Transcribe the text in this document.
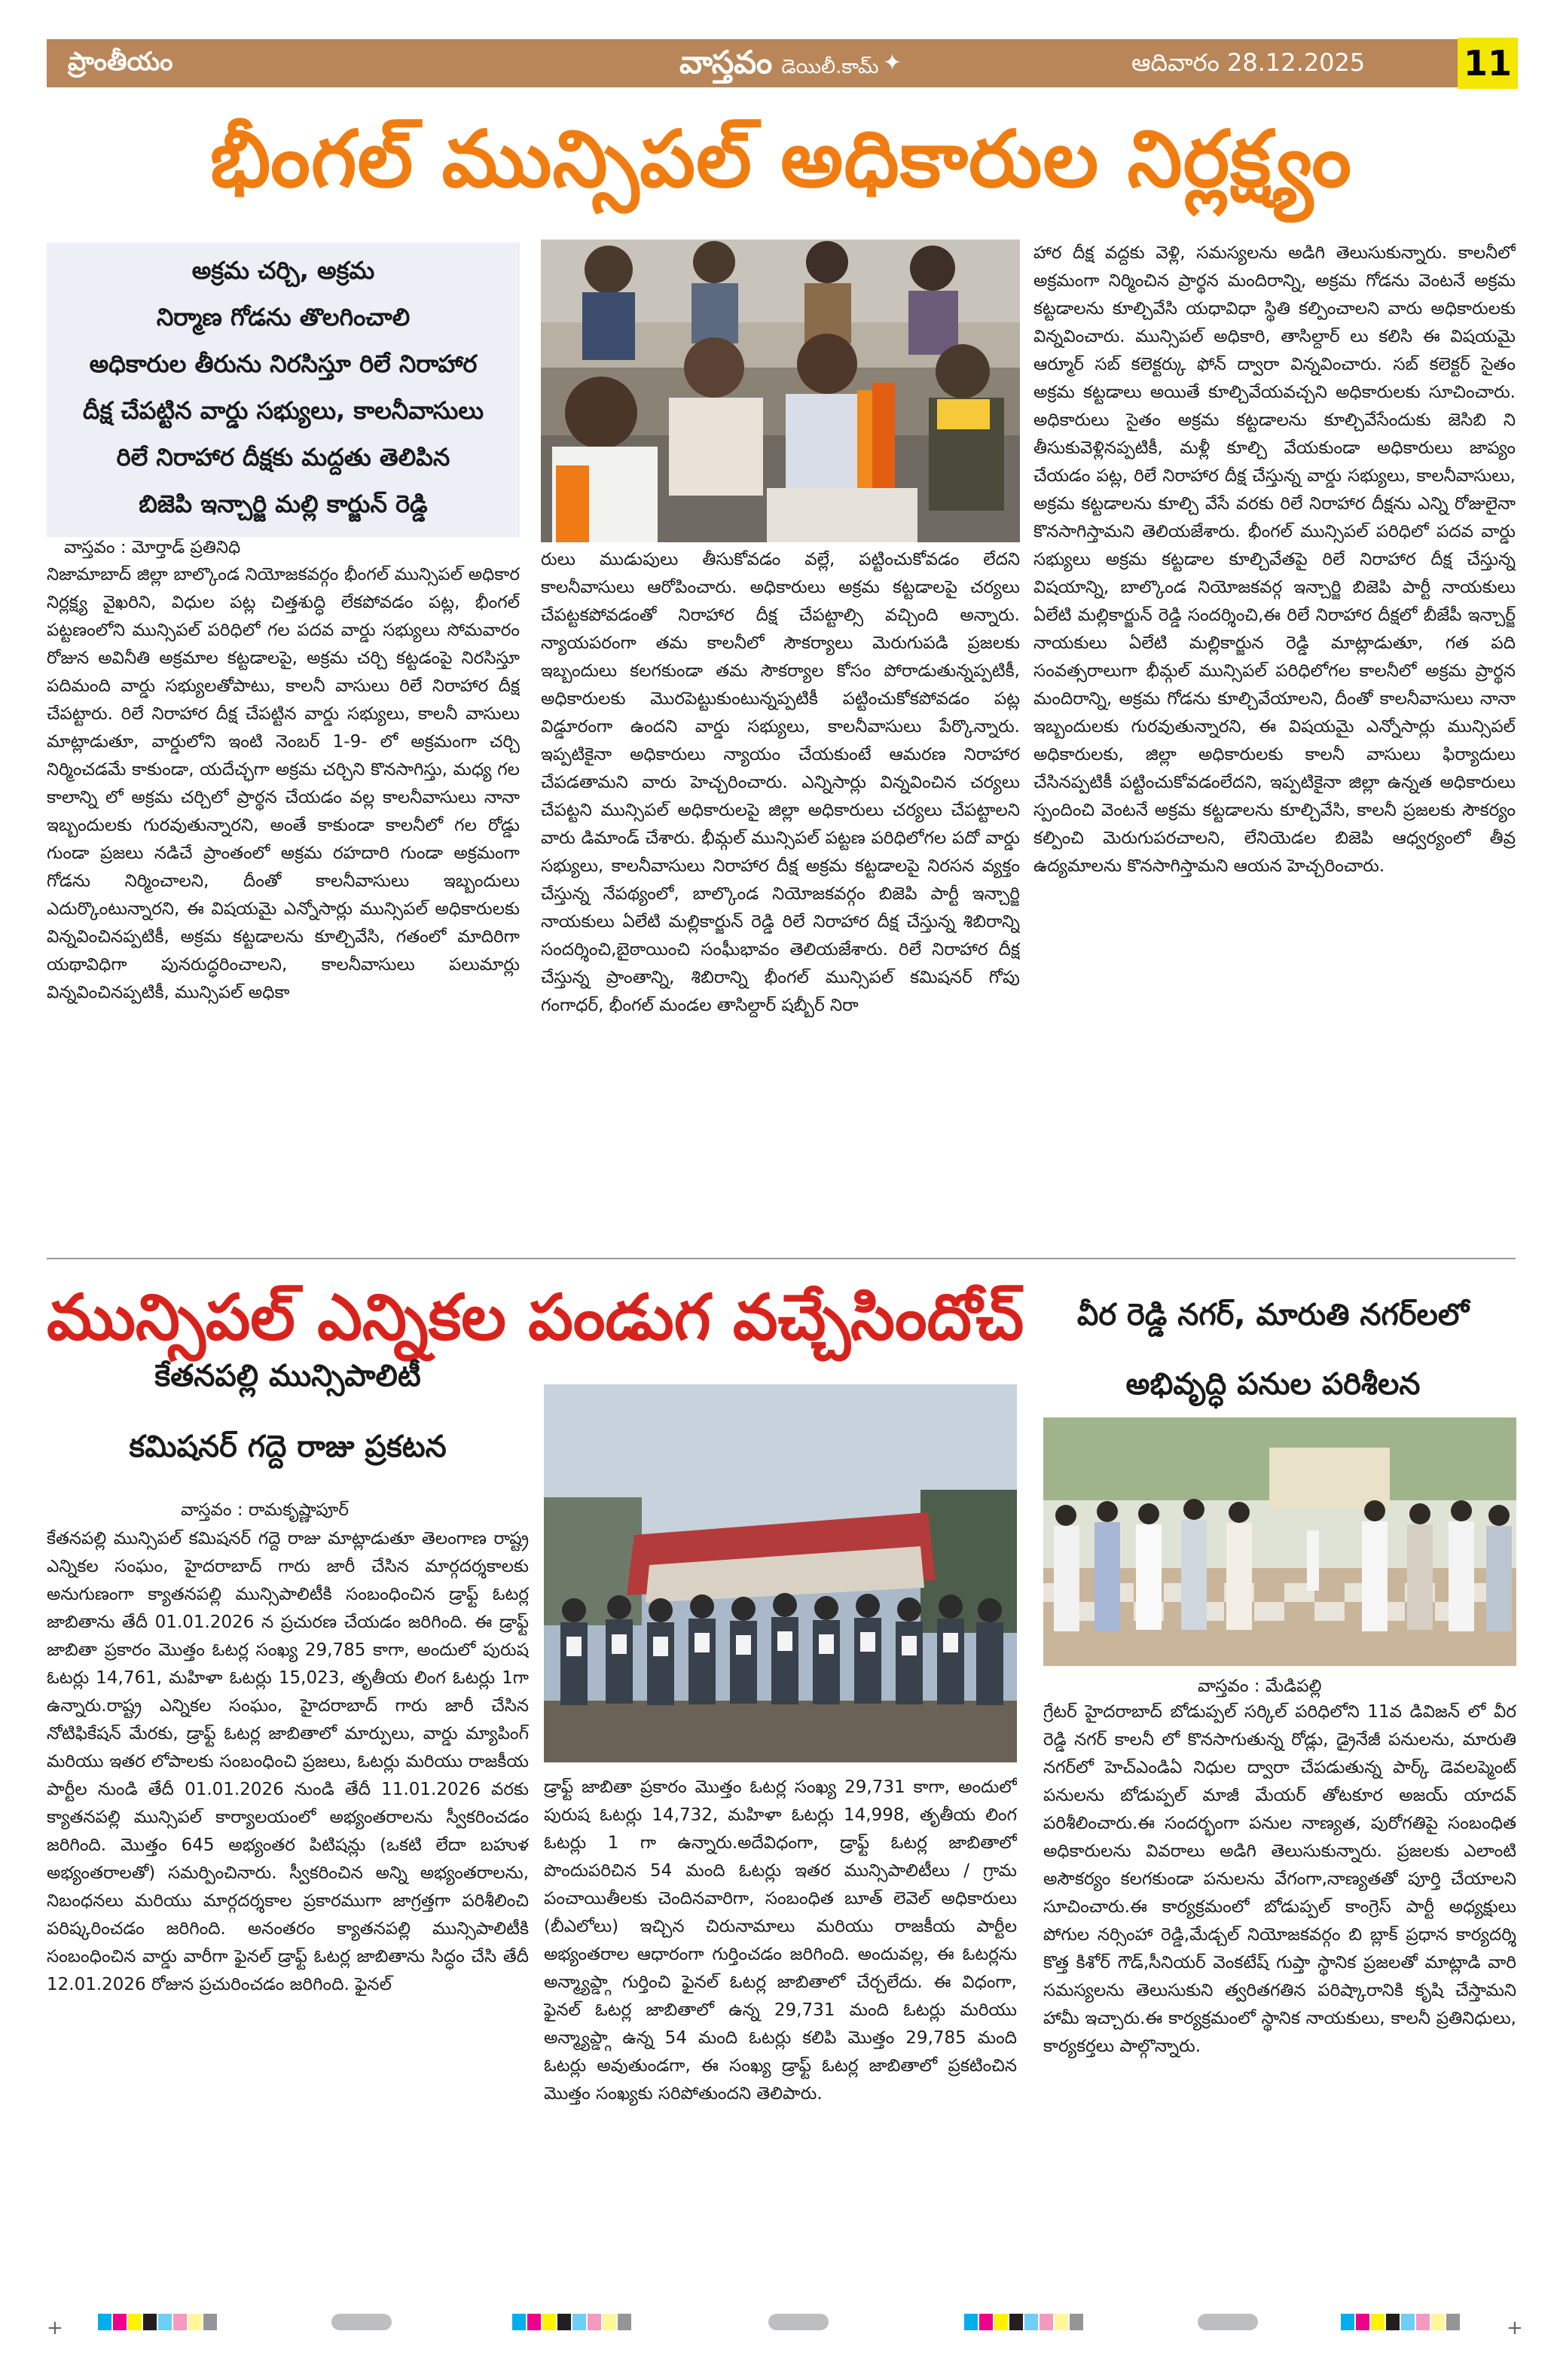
ప్రాంతీయం	వాస్తవం డెయిలీ.కామ్ ✦	ఆదివారం 28.12.2025	11
భీంగల్ మున్సిపల్ అధికారుల నిర్లక్ష్యం

అక్రమ చర్చి, అక్రమ

నిర్మాణ గోడను తొలగించాలి

అధికారుల తీరును నిరసిస్తూ రిలే నిరాహార

దీక్ష చేపట్టిన వార్డు సభ్యులు, కాలనీవాసులు

రిలే నిరాహార దీక్షకు మద్దతు తెలిపిన

బిజెపి ఇన్చార్జి మల్లి కార్జున్ రెడ్డి

వాస్తవం : మోర్తాడ్ ప్రతినిధి

నిజామాబాద్ జిల్లా బాల్కొండ నియోజకవర్గం భీంగల్ మున్సిపల్ అధికార నిర్లక్ష్య వైఖరిని, విధుల పట్ల చిత్తశుద్ధి లేకపోవడం పట్ల, భీంగల్ పట్టణంలోని మున్సిపల్ పరిధిలో గల పదవ వార్డు సభ్యులు సోమవారం రోజున అవినీతి అక్రమాల కట్టడాలపై, అక్రమ చర్చి కట్టడంపై నిరసిస్తూ పదిమంది వార్డు సభ్యులతోపాటు, కాలనీ వాసులు రిలే నిరాహార దీక్ష చేపట్టారు. రిలే నిరాహార దీక్ష చేపట్టిన వార్డు సభ్యులు, కాలనీ వాసులు మాట్లాడుతూ, వార్డులోని ఇంటి నెంబర్ 1-9- లో అక్రమంగా చర్చి నిర్మించడమే కాకుండా, యదేచ్ఛగా అక్రమ చర్చిని కొనసాగిస్తు, మధ్య గల కాలాన్ని లో అక్రమ చర్చిలో ప్రార్థన చేయడం వల్ల కాలనీవాసులు నానా ఇబ్బందులకు గురవుతున్నారని, అంతే కాకుండా కాలనీలో గల రోడ్డు గుండా ప్రజలు నడిచే ప్రాంతంలో అక్రమ రహదారి గుండా అక్రమంగా గోడను నిర్మించాలని, దీంతో కాలనీవాసులు ఇబ్బందులు ఎదుర్కొంటున్నారని, ఈ విషయమై ఎన్నోసార్లు మున్సిపల్ అధికారులకు విన్నవించినప్పటికీ, అక్రమ కట్టడాలను కూల్చివేసి, గతంలో మాదిరిగా యథావిధిగా పునరుద్ధరించాలని, కాలనీవాసులు పలుమార్లు విన్నవించినప్పటికీ, మున్సిపల్ అధికా

రులు ముడుపులు తీసుకోవడం వల్లే, పట్టించుకోవడం లేదని కాలనీవాసులు ఆరోపించారు. అధికారులు అక్రమ కట్టడాలపై చర్యలు చేపట్టకపోవడంతో నిరాహార దీక్ష చేపట్టాల్సి వచ్చింది అన్నారు. న్యాయపరంగా తమ కాలనీలో సౌకర్యాలు మెరుగుపడి ప్రజలకు ఇబ్బందులు కలగకుండా తమ సౌకర్యాల కోసం పోరాడుతున్నప్పటికీ, అధికారులకు మొరపెట్టుకుంటున్నప్పటికీ పట్టించుకోకపోవడం పట్ల విడ్డూరంగా ఉందని వార్డు సభ్యులు, కాలనీవాసులు పేర్కొన్నారు. ఇప్పటికైనా అధికారులు న్యాయం చేయకుంటే ఆమరణ నిరాహార చేపడతామని వారు హెచ్చరించారు. ఎన్నిసార్లు విన్నవించిన చర్యలు చేపట్టని మున్సిపల్ అధికారులపై జిల్లా అధికారులు చర్యలు చేపట్టాలని వారు డిమాండ్ చేశారు. భీమ్గల్ మున్సిపల్ పట్టణ పరిధిలోగల పదో వార్డు సభ్యులు, కాలనీవాసులు నిరాహార దీక్ష అక్రమ కట్టడాలపై నిరసన వ్యక్తం చేస్తున్న నేపథ్యంలో, బాల్కొండ నియోజకవర్గం బిజెపి పార్టీ ఇన్చార్జి నాయకులు ఏలేటి మల్లికార్జున్ రెడ్డి రిలే నిరాహార దీక్ష చేస్తున్న శిబిరాన్ని సందర్శించి,బైఠాయించి సంఘీభావం తెలియజేశారు. రిలే నిరాహార దీక్ష చేస్తున్న ప్రాంతాన్ని, శిబిరాన్ని భీంగల్ మున్సిపల్ కమిషనర్ గోపు గంగాధర్, భీంగల్ మండల తాసిల్దార్ షబ్బీర్ నిరా

హార దీక్ష వద్దకు వెళ్లి, సమస్యలను అడిగి తెలుసుకున్నారు. కాలనీలో అక్రమంగా నిర్మించిన ప్రార్థన మందిరాన్ని, అక్రమ గోడను వెంటనే అక్రమ కట్టడాలను కూల్చివేసి యధావిధా స్థితి కల్పించాలని వారు అధికారులకు విన్నవించారు. మున్సిపల్ అధికారి, తాసిల్దార్ లు కలిసి ఈ విషయమై ఆర్మూర్ సబ్ కలెక్టర్కు ఫోన్ ద్వారా విన్నవించారు. సబ్ కలెక్టర్ సైతం అక్రమ కట్టడాలు అయితే కూల్చివేయవచ్చని అధికారులకు సూచించారు. అధికారులు సైతం అక్రమ కట్టడాలను కూల్చివేసేందుకు జెసిబి ని తీసుకువెళ్లినప్పటికీ, మళ్లీ కూల్చి వేయకుండా అధికారులు జాప్యం చేయడం పట్ల, రిలే నిరాహార దీక్ష చేస్తున్న వార్డు సభ్యులు, కాలనీవాసులు, అక్రమ కట్టడాలను కూల్చి వేసే వరకు రిలే నిరాహార దీక్షను ఎన్ని రోజులైనా కొనసాగిస్తామని తెలియజేశారు. భీంగల్ మున్సిపల్ పరిధిలో పదవ వార్డు సభ్యులు అక్రమ కట్టడాల కూల్చివేతపై రిలే నిరాహార దీక్ష చేస్తున్న విషయాన్ని, బాల్కొండ నియోజకవర్గ ఇన్చార్జి బిజెపి పార్టీ నాయకులు ఏలేటి మల్లికార్జున్ రెడ్డి సందర్శించి,ఈ రిలే నిరాహార దీక్షలో బీజేపీ ఇన్చార్జ్ నాయకులు ఏలేటి మల్లికార్జున రెడ్డి మాట్లాడుతూ, గత పది సంవత్సరాలుగా భీమ్గల్ మున్సిపల్ పరిధిలోగల కాలనీలో అక్రమ ప్రార్థన మందిరాన్ని, అక్రమ గోడను కూల్చివేయాలని, దీంతో కాలనీవాసులు నానా ఇబ్బందులకు గురవుతున్నారని, ఈ విషయమై ఎన్నోసార్లు మున్సిపల్ అధికారులకు, జిల్లా అధికారులకు కాలనీ వాసులు ఫిర్యాదులు చేసినప్పటికీ పట్టించుకోవడంలేదని, ఇప్పటికైనా జిల్లా ఉన్నత అధికారులు స్పందించి వెంటనే అక్రమ కట్టడాలను కూల్చివేసి, కాలనీ ప్రజలకు సౌకర్యం కల్పించి మెరుగుపరచాలని, లేనియెడల బిజెపి ఆధ్వర్యంలో తీవ్ర ఉద్యమాలను కొనసాగిస్తామని ఆయన హెచ్చరించారు.

మున్సిపల్ ఎన్నికల పండుగ వచ్చేసిందోచ్

కేతనపల్లి మున్సిపాలిటీ

కమిషనర్ గద్దె రాజు ప్రకటన

వాస్తవం : రామకృష్ణాపూర్

కేతనపల్లి మున్సిపల్ కమిషనర్ గద్దె రాజు మాట్లాడుతూ తెలంగాణ రాష్ట్ర ఎన్నికల సంఘం, హైదరాబాద్ గారు జారీ చేసిన మార్గదర్శకాలకు అనుగుణంగా క్యాతనపల్లి మున్సిపాలిటీకి సంబంధించిన డ్రాఫ్ట్ ఓటర్ల జాబితాను తేదీ 01.01.2026 న ప్రచురణ చేయడం జరిగింది. ఈ డ్రాఫ్ట్ జాబితా ప్రకారం మొత్తం ఓటర్ల సంఖ్య 29,785 కాగా, అందులో పురుష ఓటర్లు 14,761, మహిళా ఓటర్లు 15,023, తృతీయ లింగ ఓటర్లు 1గా ఉన్నారు.రాష్ట్ర ఎన్నికల సంఘం, హైదరాబాద్ గారు జారీ చేసిన నోటిఫికేషన్ మేరకు, డ్రాఫ్ట్ ఓటర్ల జాబితాలో మార్పులు, వార్డు మ్యాపింగ్ మరియు ఇతర లోపాలకు సంబంధించి ప్రజలు, ఓటర్లు మరియు రాజకీయ పార్టీల నుండి తేదీ 01.01.2026 నుండి తేదీ 11.01.2026 వరకు క్యాతనపల్లి మున్సిపల్ కార్యాలయంలో అభ్యంతరాలను స్వీకరించడం జరిగింది. మొత్తం 645 అభ్యంతర పిటిషన్లు (ఒకటి లేదా బహుళ అభ్యంతరాలతో) సమర్పించినారు. స్వీకరించిన అన్ని అభ్యంతరాలను, నిబంధనలు మరియు మార్గదర్శకాల ప్రకారముగా జాగ్రత్తగా పరిశీలించి పరిష్కరించడం జరిగింది. అనంతరం క్యాతనపల్లి మున్సిపాలిటీకి సంబంధించిన వార్డు వారీగా ఫైనల్ డ్రాఫ్ట్ ఓటర్ల జాబితాను సిద్ధం చేసి తేదీ 12.01.2026 రోజున ప్రచురించడం జరిగింది. ఫైనల్

డ్రాఫ్ట్ జాబితా ప్రకారం మొత్తం ఓటర్ల సంఖ్య 29,731 కాగా, అందులో పురుష ఓటర్లు 14,732, మహిళా ఓటర్లు 14,998, తృతీయ లింగ ఓటర్లు 1 గా ఉన్నారు.అదేవిధంగా, డ్రాఫ్ట్ ఓటర్ల జాబితాలో పొందుపరిచిన 54 మంది ఓటర్లు ఇతర మున్సిపాలిటీలు / గ్రామ పంచాయితీలకు చెందినవారిగా, సంబంధిత బూత్ లెవెల్ అధికారులు (బీఎలోలు) ఇచ్చిన చిరునామాలు మరియు రాజకీయ పార్టీల అభ్యంతరాల ఆధారంగా గుర్తించడం జరిగింది. అందువల్ల, ఈ ఓటర్లను అన్మ్యాప్డ్గా గుర్తించి ఫైనల్ ఓటర్ల జాబితాలో చేర్చలేదు. ఈ విధంగా, ఫైనల్ ఓటర్ల జాబితాలో ఉన్న 29,731 మంది ఓటర్లు మరియు అన్మ్యాప్డ్గా ఉన్న 54 మంది ఓటర్లు కలిపి మొత్తం 29,785 మంది ఓటర్లు అవుతుండగా, ఈ సంఖ్య డ్రాఫ్ట్ ఓటర్ల జాబితాలో ప్రకటించిన మొత్తం సంఖ్యకు సరిపోతుందని తెలిపారు.

వీర రెడ్డి నగర్, మారుతి నగర్‌లలో

అభివృద్ధి పనుల పరిశీలన

వాస్తవం : మేడిపల్లి

గ్రేటర్ హైదరాబాద్ బోడుప్పల్ సర్కిల్ పరిధిలోని 11వ డివిజన్ లో వీర రెడ్డి నగర్ కాలనీ లో కొనసాగుతున్న రోడ్లు, డ్రైనేజీ పనులను, మారుతి నగర్‌లో హెచ్ఎండిఏ నిధుల ద్వారా చేపడుతున్న పార్క్ డెవలప్మెంట్ పనులను బోడుప్పల్ మాజీ మేయర్ తోటకూర అజయ్ యాదవ్ పరిశీలించారు.ఈ సందర్భంగా పనుల నాణ్యత, పురోగతిపై సంబంధిత అధికారులను వివరాలు అడిగి తెలుసుకున్నారు. ప్రజలకు ఎలాంటి అసౌకర్యం కలగకుండా పనులను వేగంగా,నాణ్యతతో పూర్తి చేయాలని సూచించారు.ఈ కార్యక్రమంలో బోడుప్పల్ కాంగ్రెస్ పార్టీ అధ్యక్షులు పోగుల నర్సింహా రెడ్డి,మేడ్చల్ నియోజకవర్గం బి బ్లాక్ ప్రధాన కార్యదర్శి కొత్త కిశోర్ గౌడ్,సీనియర్ వెంకటేష్ గుప్తా స్థానిక ప్రజలతో మాట్లాడి వారి సమస్యలను తెలుసుకుని త్వరితగతిన పరిష్కారానికి కృషి చేస్తామని హామీ ఇచ్చారు.ఈ కార్యక్రమంలో స్థానిక నాయకులు, కాలనీ ప్రతినిధులు, కార్యకర్తలు పాల్గొన్నారు.

+	+
